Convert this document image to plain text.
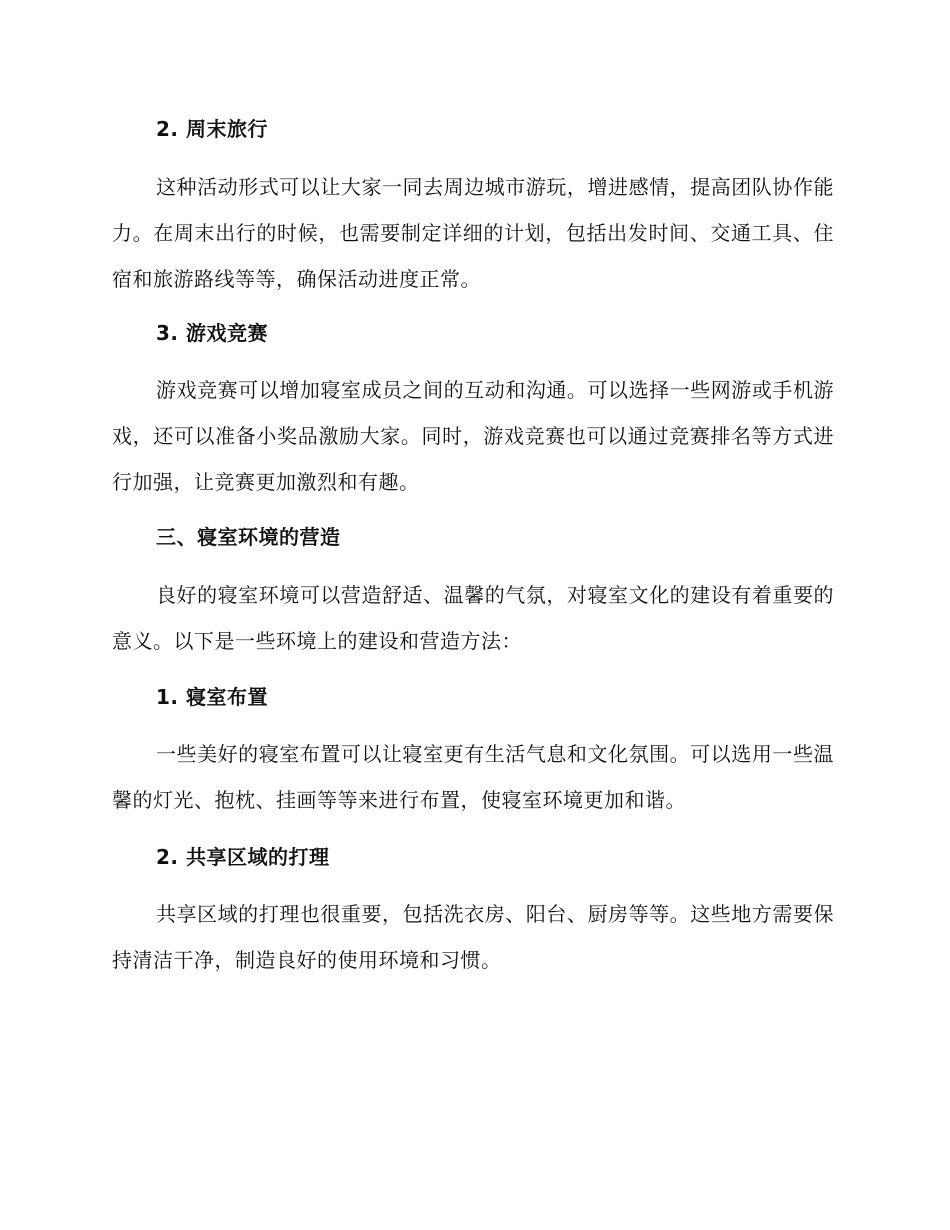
2. 周末旅行

这种活动形式可以让大家一同去周边城市游玩，增进感情，提高团队协作能力。在周末出行的时候，也需要制定详细的计划，包括出发时间、交通工具、住宿和旅游路线等等，确保活动进度正常。

3. 游戏竞赛

游戏竞赛可以增加寝室成员之间的互动和沟通。可以选择一些网游或手机游戏，还可以准备小奖品激励大家。同时，游戏竞赛也可以通过竞赛排名等方式进行加强，让竞赛更加激烈和有趣。

三、寝室环境的营造

良好的寝室环境可以营造舒适、温馨的气氛，对寝室文化的建设有着重要的意义。以下是一些环境上的建设和营造方法：

1. 寝室布置

一些美好的寝室布置可以让寝室更有生活气息和文化氛围。可以选用一些温馨的灯光、抱枕、挂画等等来进行布置，使寝室环境更加和谐。

2. 共享区域的打理

共享区域的打理也很重要，包括洗衣房、阳台、厨房等等。这些地方需要保持清洁干净，制造良好的使用环境和习惯。
